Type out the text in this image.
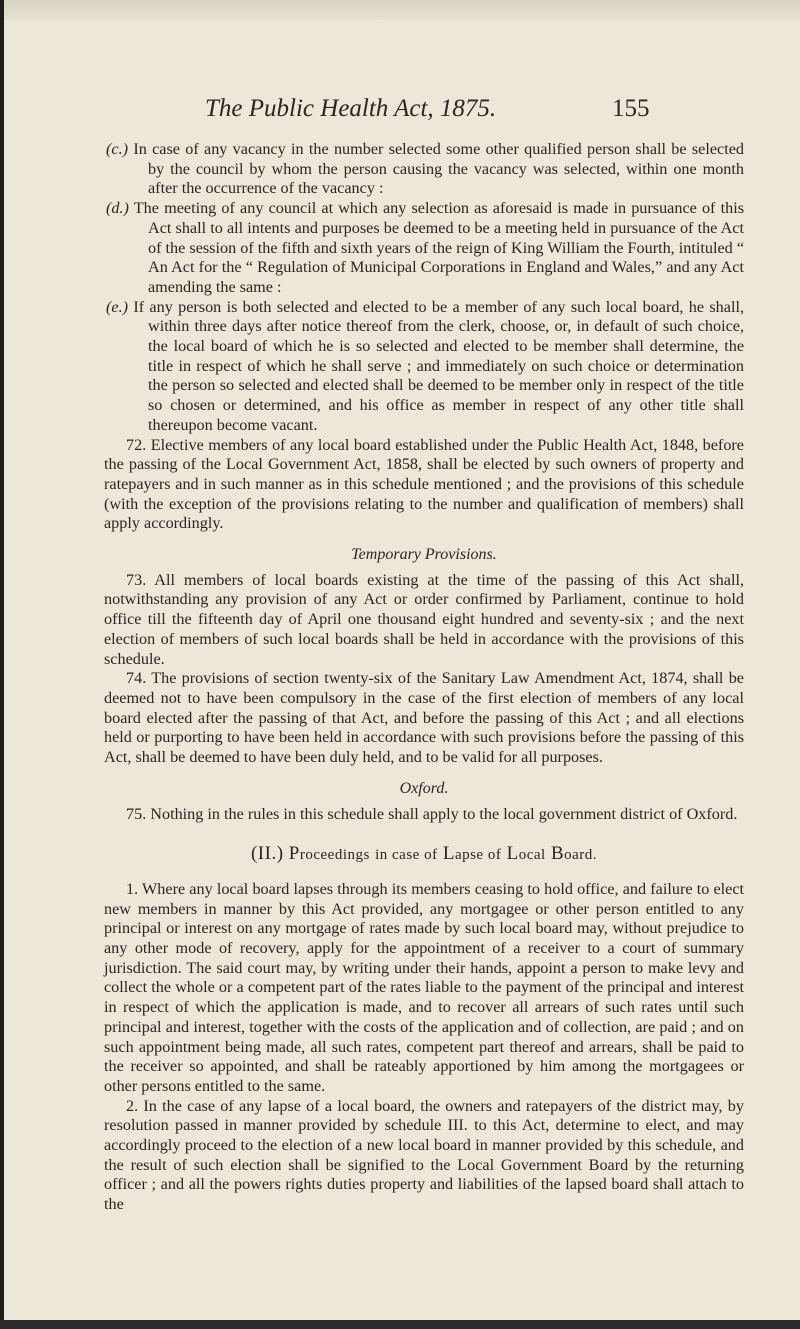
The Public Health Act, 1875.	155

(c.) In case of any vacancy in the number selected some other qualified person shall be selected by the council by whom the person causing the vacancy was selected, within one month after the occurrence of the vacancy :

(d.) The meeting of any council at which any selection as aforesaid is made in pursuance of this Act shall to all intents and purposes be deemed to be a meeting held in pursuance of the Act of the session of the fifth and sixth years of the reign of King William the Fourth, intituled “ An Act for the “ Regulation of Municipal Corporations in England and Wales,” and any Act amending the same :

(e.) If any person is both selected and elected to be a member of any such local board, he shall, within three days after notice thereof from the clerk, choose, or, in default of such choice, the local board of which he is so selected and elected to be member shall determine, the title in respect of which he shall serve ; and immediately on such choice or determination the person so selected and elected shall be deemed to be member only in respect of the title so chosen or determined, and his office as member in respect of any other title shall thereupon become vacant.

72. Elective members of any local board established under the Public Health Act, 1848, before the passing of the Local Government Act, 1858, shall be elected by such owners of property and ratepayers and in such manner as in this schedule mentioned ; and the provisions of this schedule (with the exception of the provisions relating to the number and qualification of members) shall apply accordingly.

Temporary Provisions.

73. All members of local boards existing at the time of the passing of this Act shall, notwithstanding any provision of any Act or order confirmed by Parliament, continue to hold office till the fifteenth day of April one thousand eight hundred and seventy-six ; and the next election of members of such local boards shall be held in accordance with the provisions of this schedule.

74. The provisions of section twenty-six of the Sanitary Law Amendment Act, 1874, shall be deemed not to have been compulsory in the case of the first election of members of any local board elected after the passing of that Act, and before the passing of this Act ; and all elections held or purporting to have been held in accordance with such provisions before the passing of this Act, shall be deemed to have been duly held, and to be valid for all purposes.

Oxford.

75. Nothing in the rules in this schedule shall apply to the local government district of Oxford.

(II.) Proceedings in case of Lapse of Local Board.

1. Where any local board lapses through its members ceasing to hold office, and failure to elect new members in manner by this Act provided, any mortgagee or other person entitled to any principal or interest on any mortgage of rates made by such local board may, without prejudice to any other mode of recovery, apply for the appointment of a receiver to a court of summary jurisdiction. The said court may, by writing under their hands, appoint a person to make levy and collect the whole or a competent part of the rates liable to the payment of the principal and interest in respect of which the application is made, and to recover all arrears of such rates until such principal and interest, together with the costs of the application and of collection, are paid ; and on such appointment being made, all such rates, competent part thereof and arrears, shall be paid to the receiver so appointed, and shall be rateably apportioned by him among the mortgagees or other persons entitled to the same.

2. In the case of any lapse of a local board, the owners and ratepayers of the district may, by resolution passed in manner provided by schedule III. to this Act, determine to elect, and may accordingly proceed to the election of a new local board in manner provided by this schedule, and the result of such election shall be signified to the Local Government Board by the returning officer ; and all the powers rights duties property and liabilities of the lapsed board shall attach to the
